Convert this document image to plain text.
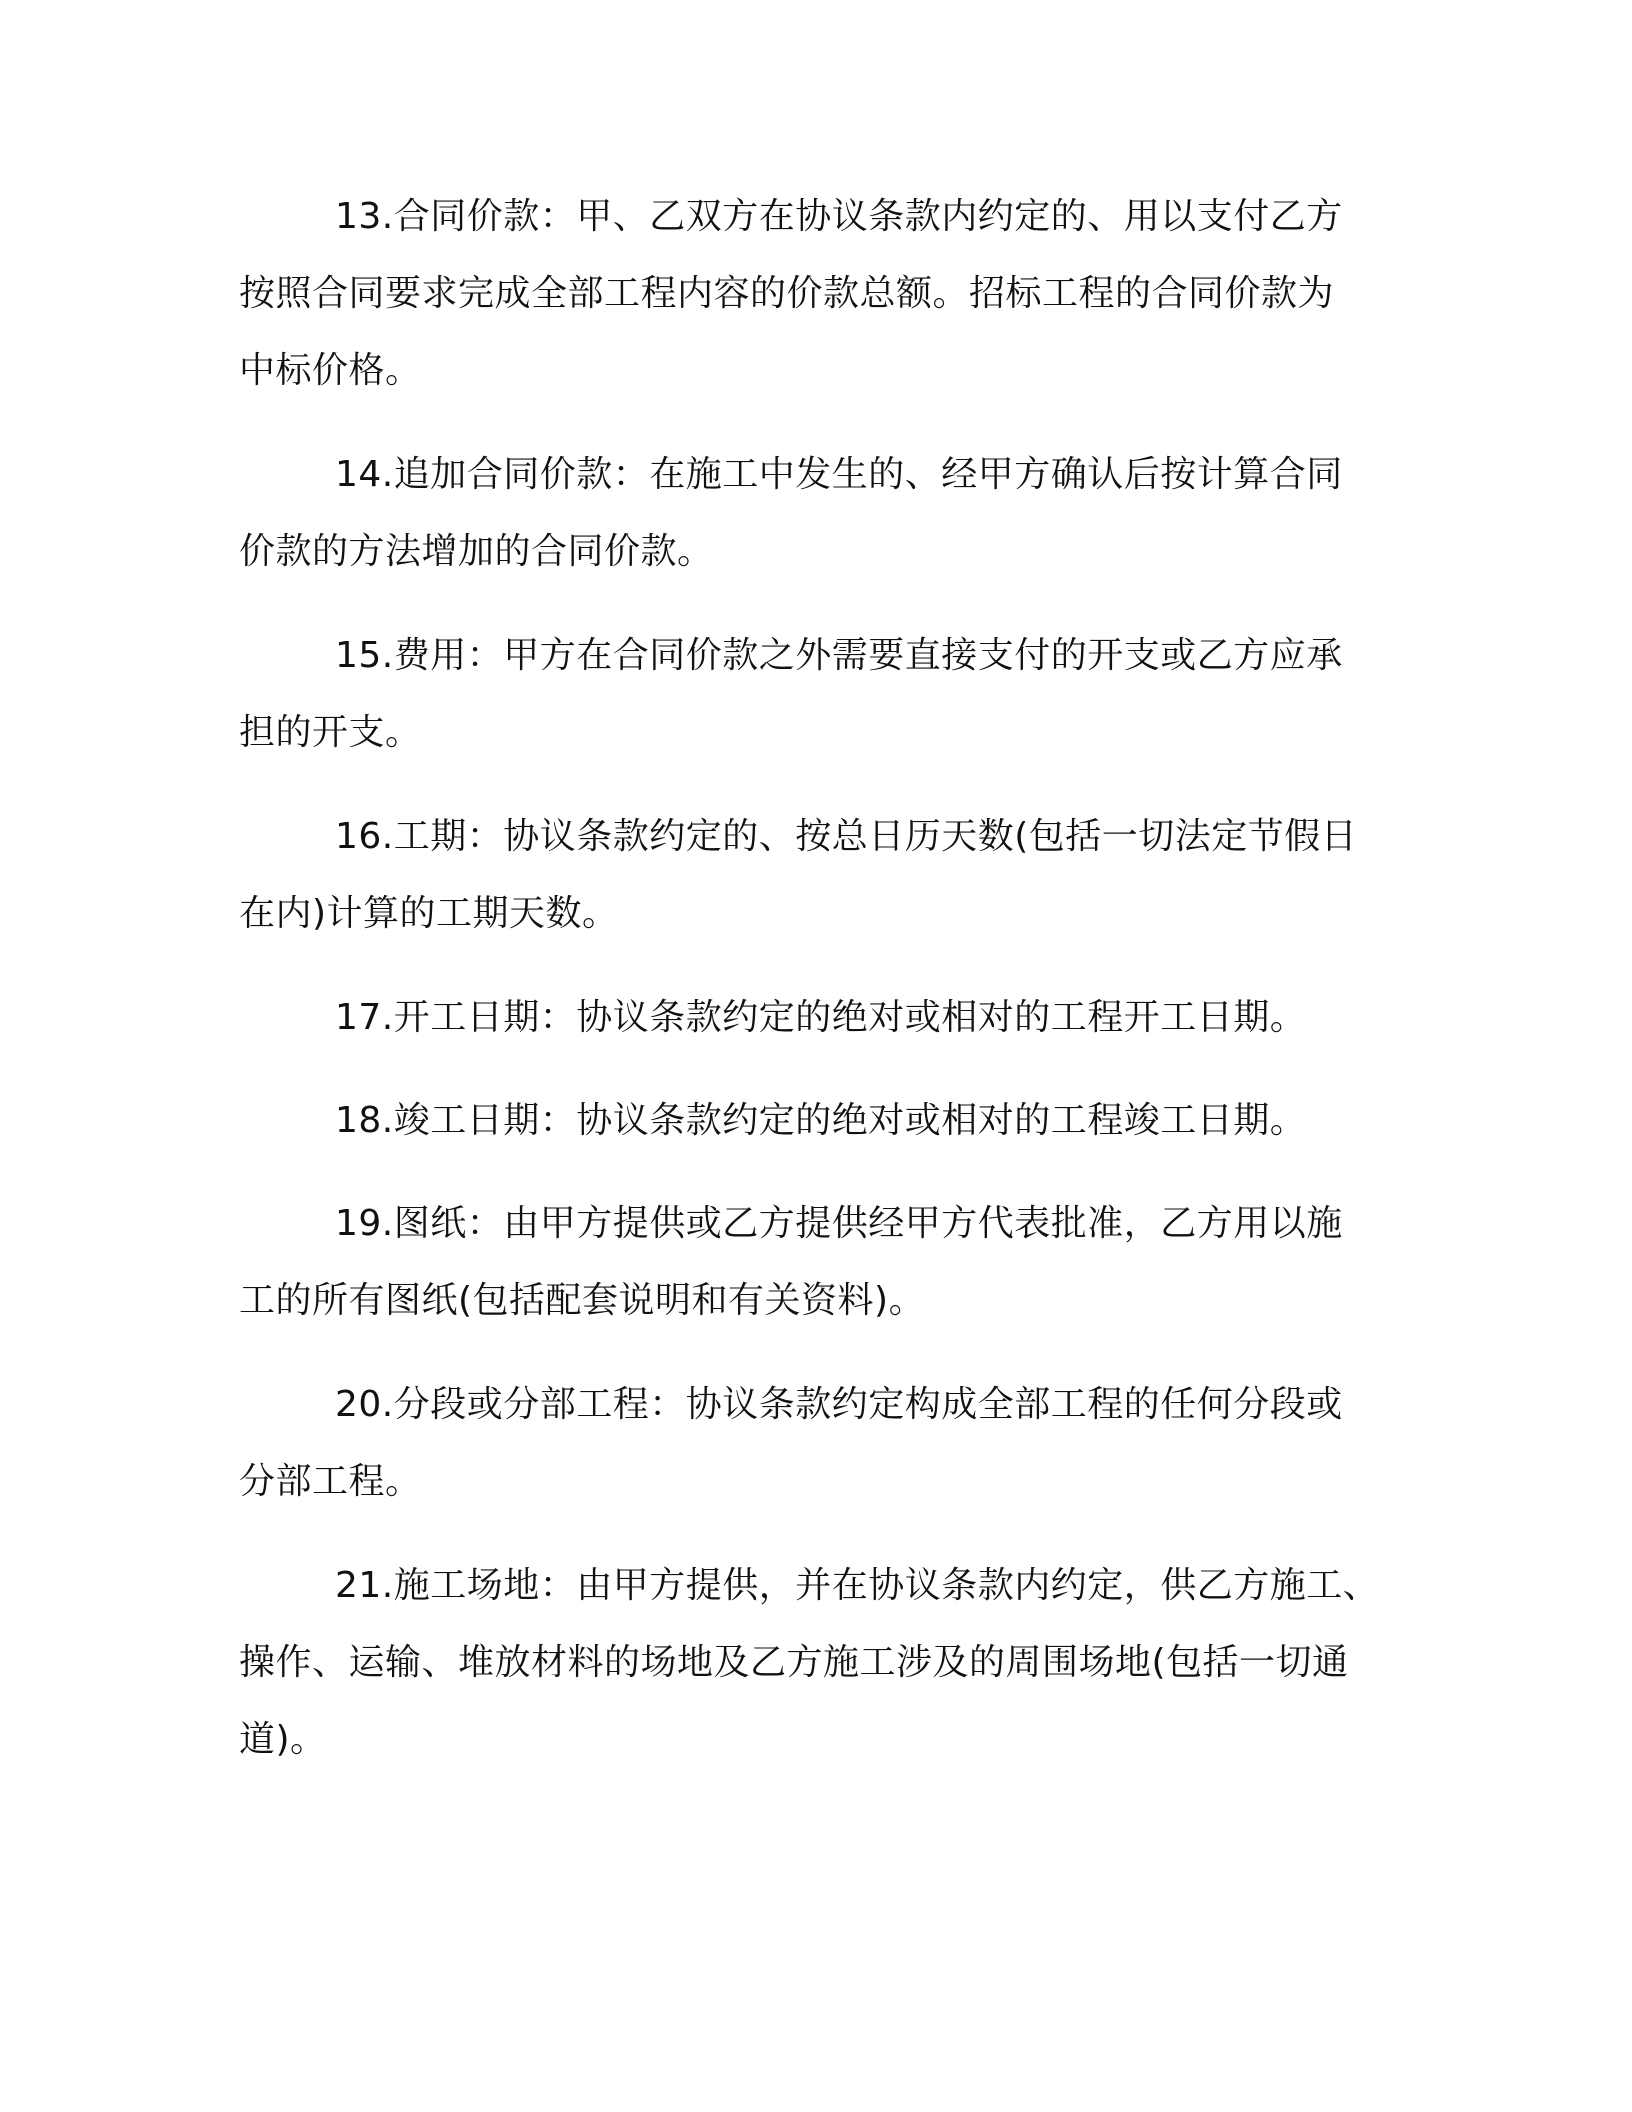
13.合同价款：甲、乙双方在协议条款内约定的、用以支付乙方
按照合同要求完成全部工程内容的价款总额。招标工程的合同价款为
中标价格。
14.追加合同价款：在施工中发生的、经甲方确认后按计算合同
价款的方法增加的合同价款。
15.费用：甲方在合同价款之外需要直接支付的开支或乙方应承
担的开支。
16.工期：协议条款约定的、按总日历天数(包括一切法定节假日
在内)计算的工期天数。
17.开工日期：协议条款约定的绝对或相对的工程开工日期。
18.竣工日期：协议条款约定的绝对或相对的工程竣工日期。
19.图纸：由甲方提供或乙方提供经甲方代表批准，乙方用以施
工的所有图纸(包括配套说明和有关资料)。
20.分段或分部工程：协议条款约定构成全部工程的任何分段或
分部工程。
21.施工场地：由甲方提供，并在协议条款内约定，供乙方施工、
操作、运输、堆放材料的场地及乙方施工涉及的周围场地(包括一切通
道)。
